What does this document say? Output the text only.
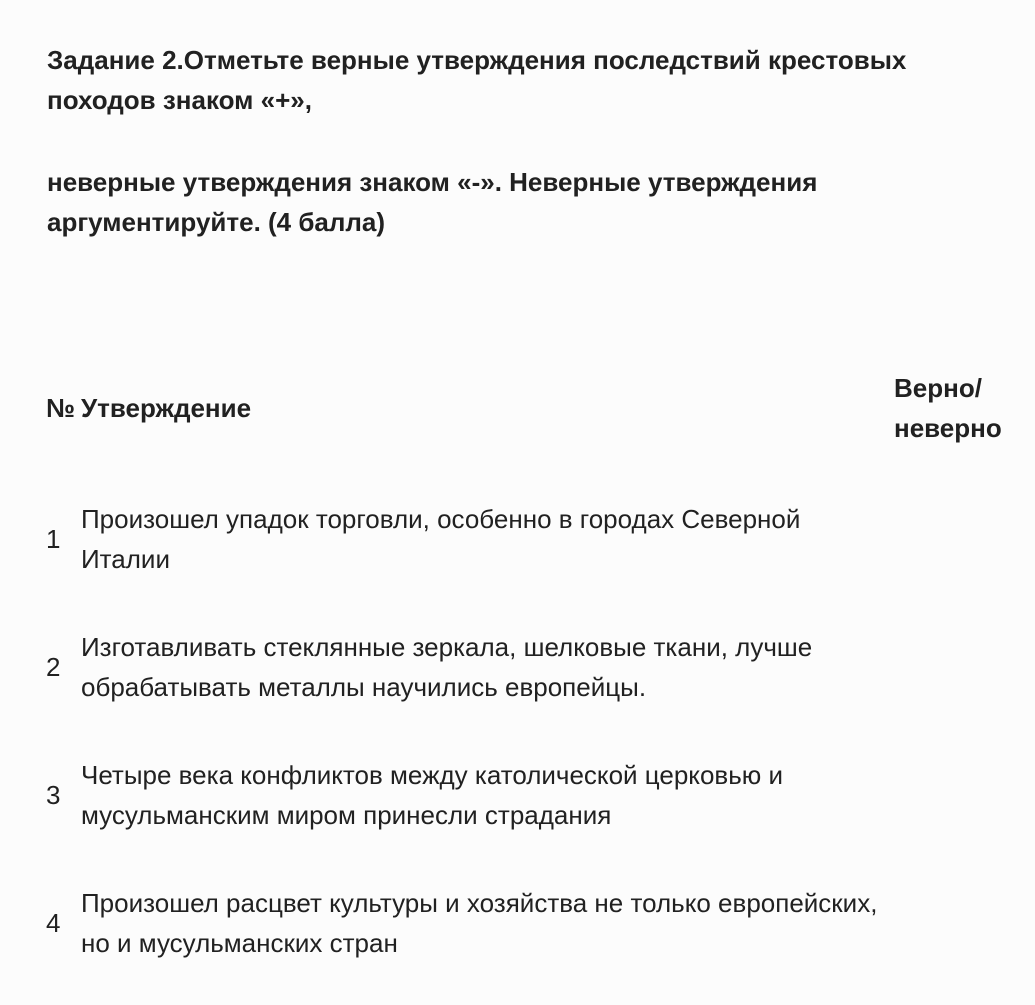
Задание 2.Отметьте верные утверждения последствий крестовых походов знаком «+»,

неверные утверждения знаком «-». Неверные утверждения аргументируйте. (4 балла)

№	Утверждение	Верно/ неверно
1	Произошел упадок торговли, особенно в городах Северной Италии	
2	Изготавливать стеклянные зеркала, шелковые ткани, лучше обрабатывать металлы научились европейцы.	
3	Четыре века конфликтов между католической церковью и мусульманским миром принесли страдания	
4	Произошел расцвет культуры и хозяйства не только европейских, но и мусульманских стран	
